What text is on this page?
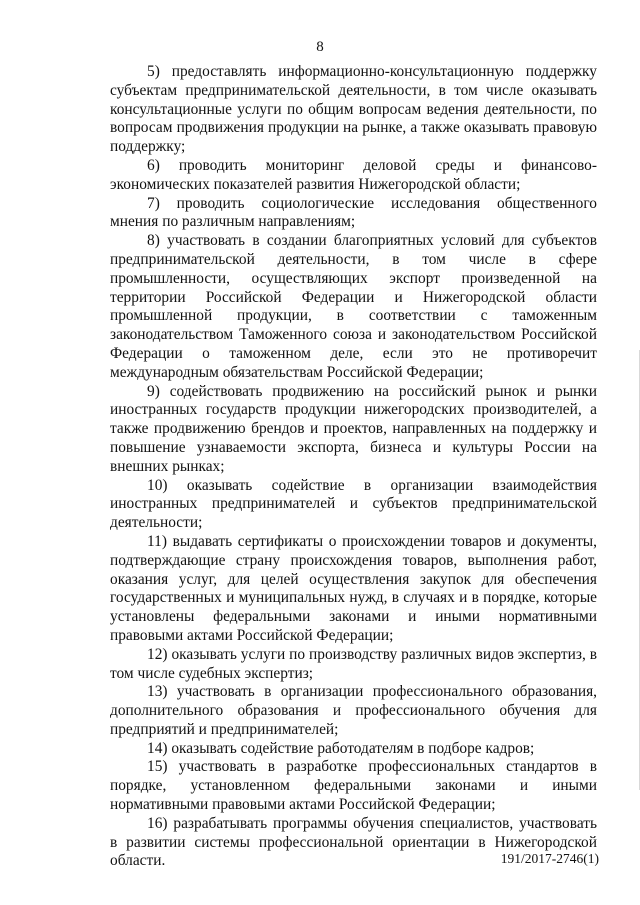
8

5) предоставлять информационно-консультационную поддержку субъектам предпринимательской деятельности, в том числе оказывать консультационные услуги по общим вопросам ведения деятельности, по вопросам продвижения продукции на рынке, а также оказывать правовую поддержку;

6) проводить мониторинг деловой среды и финансово-экономических показателей развития Нижегородской области;

7) проводить социологические исследования общественного мнения по различным направлениям;

8) участвовать в создании благоприятных условий для субъектов предпринимательской деятельности, в том числе в сфере промышленности, осуществляющих экспорт произведенной на территории Российской Федерации и Нижегородской области промышленной продукции, в соответствии с таможенным законодательством Таможенного союза и законодательством Российской Федерации о таможенном деле, если это не противоречит международным обязательствам Российской Федерации;

9) содействовать продвижению на российский рынок и рынки иностранных государств продукции нижегородских производителей, а также продвижению брендов и проектов, направленных на поддержку и повышение узнаваемости экспорта, бизнеса и культуры России на внешних рынках;

10) оказывать содействие в организации взаимодействия иностранных предпринимателей и субъектов предпринимательской деятельности;

11) выдавать сертификаты о происхождении товаров и документы, подтверждающие страну происхождения товаров, выполнения работ, оказания услуг, для целей осуществления закупок для обеспечения государственных и муниципальных нужд, в случаях и в порядке, которые установлены федеральными законами и иными нормативными правовыми актами Российской Федерации;

12) оказывать услуги по производству различных видов экспертиз, в том числе судебных экспертиз;

13) участвовать в организации профессионального образования, дополнительного образования и профессионального обучения для предприятий и предпринимателей;

14) оказывать содействие работодателям в подборе кадров;

15) участвовать в разработке профессиональных стандартов в порядке, установленном федеральными законами и иными нормативными правовыми актами Российской Федерации;

16) разрабатывать программы обучения специалистов, участвовать в развитии системы профессиональной ориентации в Нижегородской области.	191/2017-2746(1)
